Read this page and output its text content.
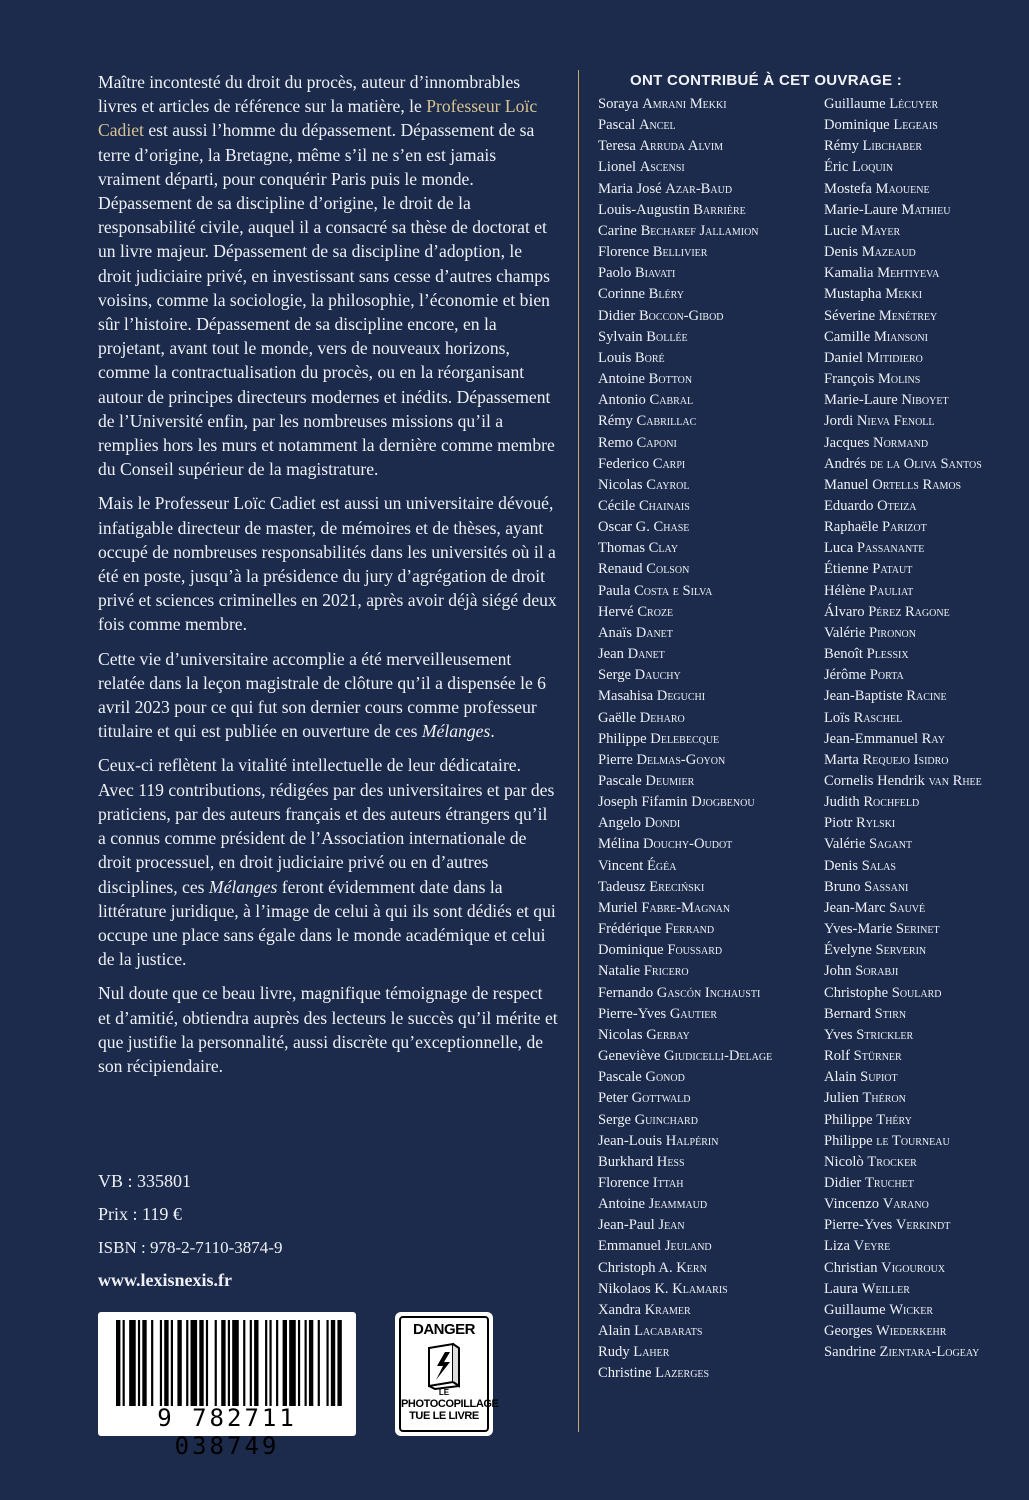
Maître incontesté du droit du procès, auteur d’innombrables livres et articles de référence sur la matière, le Professeur Loïc Cadiet est aussi l’homme du dépassement. Dépassement de sa terre d’origine, la Bretagne, même s’il ne s’en est jamais vraiment départi, pour conquérir Paris puis le monde. Dépassement de sa discipline d’origine, le droit de la responsabilité civile, auquel il a consacré sa thèse de doctorat et un livre majeur. Dépassement de sa discipline d’adoption, le droit judiciaire privé, en investissant sans cesse d’autres champs voisins, comme la sociologie, la philosophie, l’économie et bien sûr l’histoire. Dépassement de sa discipline encore, en la projetant, avant tout le monde, vers de nouveaux horizons, comme la contractualisation du procès, ou en la réorganisant autour de principes directeurs modernes et inédits. Dépassement de l’Université enfin, par les nombreuses missions qu’il a remplies hors les murs et notamment la dernière comme membre du Conseil supérieur de la magistrature.

Mais le Professeur Loïc Cadiet est aussi un universitaire dévoué, infatigable directeur de master, de mémoires et de thèses, ayant occupé de nombreuses responsabilités dans les universités où il a été en poste, jusqu’à la présidence du jury d’agrégation de droit privé et sciences criminelles en 2021, après avoir déjà siégé deux fois comme membre.

Cette vie d’universitaire accomplie a été merveilleusement relatée dans la leçon magistrale de clôture qu’il a dispensée le 6 avril 2023 pour ce qui fut son dernier cours comme professeur titulaire et qui est publiée en ouverture de ces Mélanges.

Ceux-ci reflètent la vitalité intellectuelle de leur dédicataire. Avec 119 contributions, rédigées par des universitaires et par des praticiens, par des auteurs français et des auteurs étrangers qu’il a connus comme président de l’Association internationale de droit processuel, en droit judiciaire privé ou en d’autres disciplines, ces Mélanges feront évidemment date dans la littérature juridique, à l’image de celui à qui ils sont dédiés et qui occupe une place sans égale dans le monde académique et celui de la justice.

Nul doute que ce beau livre, magnifique témoignage de respect et d’amitié, obtiendra auprès des lecteurs le succès qu’il mérite et que justifie la personnalité, aussi discrète qu’exceptionnelle, de son récipiendaire.

VB : 335801
Prix : 119 €
ISBN : 978-2-7110-3874-9
www.lexisnexis.fr
ONT CONTRIBUÉ À CET OUVRAGE :
Soraya Amrani Mekki
Pascal Ancel
Teresa Arruda Alvim
Lionel Ascensi
Maria José Azar-Baud
Louis-Augustin Barrière
Carine Becharef Jallamion
Florence Bellivier
Paolo Biavati
Corinne Bléry
Didier Boccon-Gibod
Sylvain Bollée
Louis Boré
Antoine Botton
Antonio Cabral
Rémy Cabrillac
Remo Caponi
Federico Carpi
Nicolas Cayrol
Cécile Chainais
Oscar G. Chase
Thomas Clay
Renaud Colson
Paula Costa e Silva
Hervé Croze
Anaïs Danet
Jean Danet
Serge Dauchy
Masahisa Deguchi
Gaëlle Deharo
Philippe Delebecque
Pierre Delmas-Goyon
Pascale Deumier
Joseph Fifamin Djogbenou
Angelo Dondi
Mélina Douchy-Oudot
Vincent Égéa
Tadeusz Ereciński
Muriel Fabre-Magnan
Frédérique Ferrand
Dominique Foussard
Natalie Fricero
Fernando Gascón Inchausti
Pierre-Yves Gautier
Nicolas Gerbay
Geneviève Giudicelli-Delage
Pascale Gonod
Peter Gottwald
Serge Guinchard
Jean-Louis Halpérin
Burkhard Hess
Florence Ittah
Antoine Jeammaud
Jean-Paul Jean
Emmanuel Jeuland
Christoph A. Kern
Nikolaos K. Klamaris
Xandra Kramer
Alain Lacabarats
Rudy Laher
Christine Lazerges
Guillaume Lécuyer
Dominique Legeais
Rémy Libchaber
Éric Loquin
Mostefa Maouene
Marie-Laure Mathieu
Lucie Mayer
Denis Mazeaud
Kamalia Mehtiyeva
Mustapha Mekki
Séverine Menétrey
Camille Miansoni
Daniel Mitidiero
François Molins
Marie-Laure Niboyet
Jordi Nieva Fenoll
Jacques Normand
Andrés de la Oliva Santos
Manuel Ortells Ramos
Eduardo Oteiza
Raphaële Parizot
Luca Passanante
Étienne Pataut
Hélène Pauliat
Álvaro Pérez Ragone
Valérie Pironon
Benoît Plessix
Jérôme Porta
Jean-Baptiste Racine
Loïs Raschel
Jean-Emmanuel Ray
Marta Requejo Isidro
Cornelis Hendrik van Rhee
Judith Rochfeld
Piotr Rylski
Valérie Sagant
Denis Salas
Bruno Sassani
Jean-Marc Sauvé
Yves-Marie Serinet
Évelyne Serverin
John Sorabji
Christophe Soulard
Bernard Stirn
Yves Strickler
Rolf Stürner
Alain Supiot
Julien Théron
Philippe Théry
Philippe le Tourneau
Nicolò Trocker
Didier Truchet
Vincenzo Varano
Pierre-Yves Verkindt
Liza Veyre
Christian Vigouroux
Laura Weiller
Guillaume Wicker
Georges Wiederkehr
Sandrine Zientara-Logeay
9 782711 038749
DANGER
LE
PHOTOCOPILLAGE
TUE LE LIVRE
